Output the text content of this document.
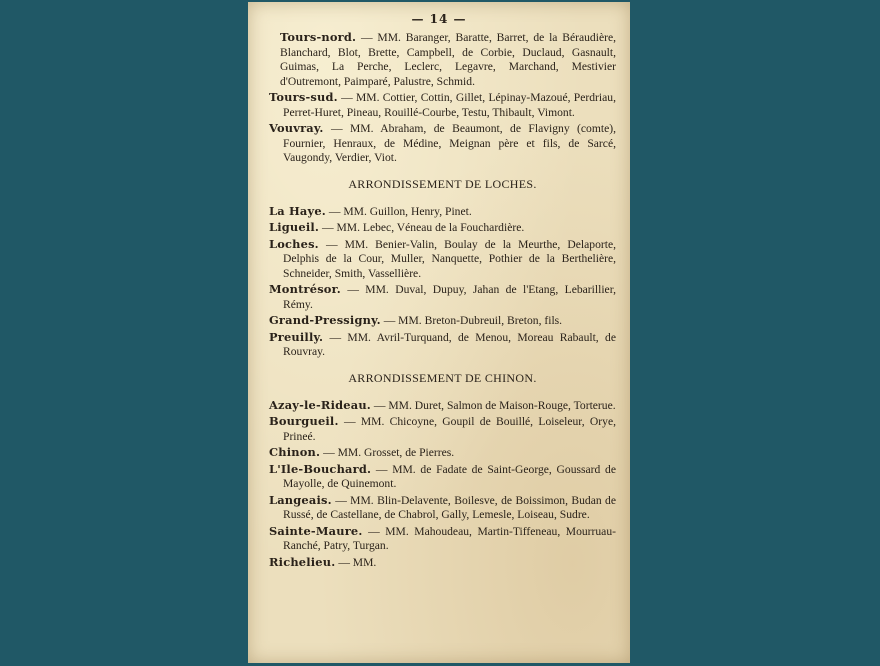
— 14 —
Tours-nord. — MM. Baranger, Baratte, Barret, de la Béraudière, Blanchard, Blot, Brette, Campbell, de Corbie, Duclaud, Gasnault, Guimas, La Perche, Leclerc, Legavre, Marchand, Mestivier d'Outremont, Paimparé, Palustre, Schmid.
Tours-sud. — MM. Cottier, Cottin, Gillet, Lépinay-Mazoué, Perdriau, Perret-Huret, Pineau, Rouillé-Courbe, Testu, Thibault, Vimont.
Vouvray. — MM. Abraham, de Beaumont, de Flavigny (comte), Fournier, Henraux, de Médine, Meignan père et fils, de Sarcé, Vaugondy, Verdier, Viot.
ARRONDISSEMENT DE LOCHES.
La Haye. — MM. Guillon, Henry, Pinet.
Ligueil. — MM. Lebec, Véneau de la Fouchardière.
Loches. — MM. Benier-Valin, Boulay de la Meurthe, Delaporte, Delphis de la Cour, Muller, Nanquette, Pothier de la Berthelière, Schneider, Smith, Vassellière.
Montrésor. — MM. Duval, Dupuy, Jahan de l'Etang, Lebarillier, Rémy.
Grand-Pressigny. — MM. Breton-Dubreuil, Breton, fils.
Preuilly. — MM. Avril-Turquand, de Menou, Moreau Rabault, de Rouvray.
ARRONDISSEMENT DE CHINON.
Azay-le-Rideau. — MM. Duret, Salmon de Maison-Rouge, Torterue.
Bourgueil. — MM. Chicoyne, Goupil de Bouillé, Loiseleur, Orye, Prineé.
Chinon. — MM. Grosset, de Pierres.
L'Ile-Bouchard. — MM. de Fadate de Saint-George, Goussard de Mayolle, de Quinemont.
Langeais. — MM. Blin-Delavente, Boilesve, de Boissimon, Budan de Russé, de Castellane, de Chabrol, Gally, Lemesle, Loiseau, Sudre.
Sainte-Maure. — MM. Mahoudeau, Martin-Tiffeneau, Mourruau-Ranché, Patry, Turgan.
Richelieu. — MM.
